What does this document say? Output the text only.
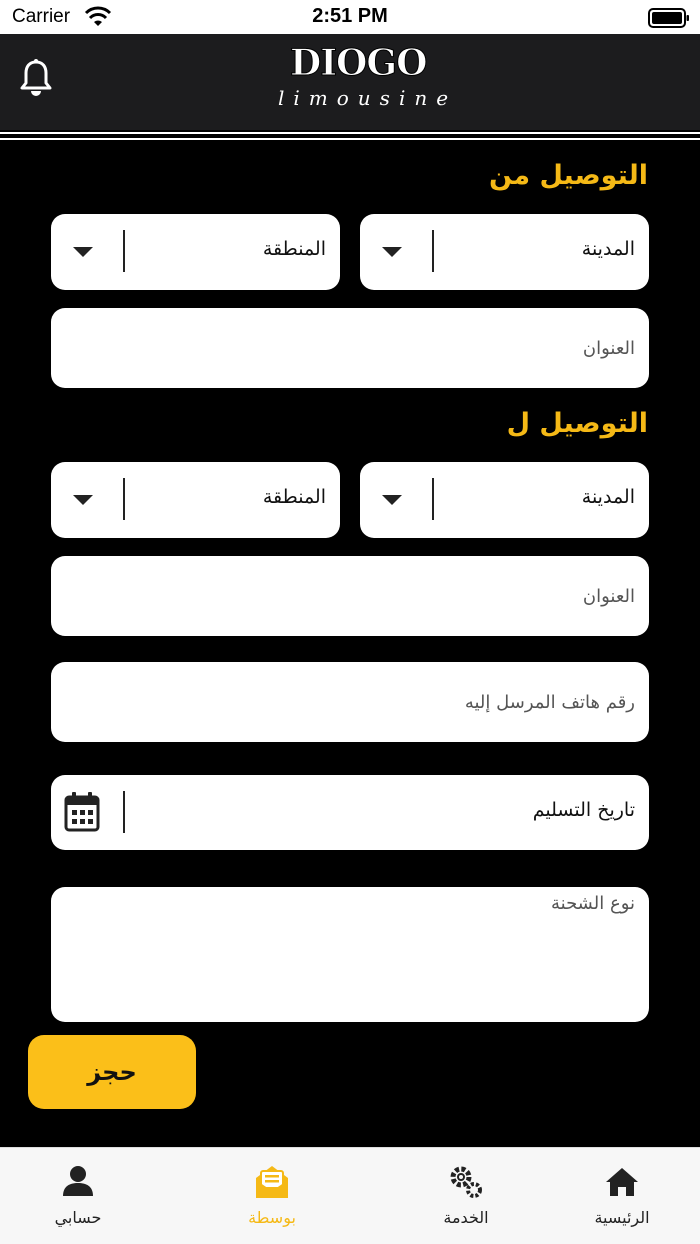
Carrier	2:51 PM
DIOGO
limousine
التوصيل من
المدينة
المنطقة
العنوان
التوصيل ل
المدينة
المنطقة
العنوان
رقم هاتف المرسل إليه
تاريخ التسليم
نوع الشحنة
حجز
حسابي	بوسطة	الخدمة	الرئيسية
